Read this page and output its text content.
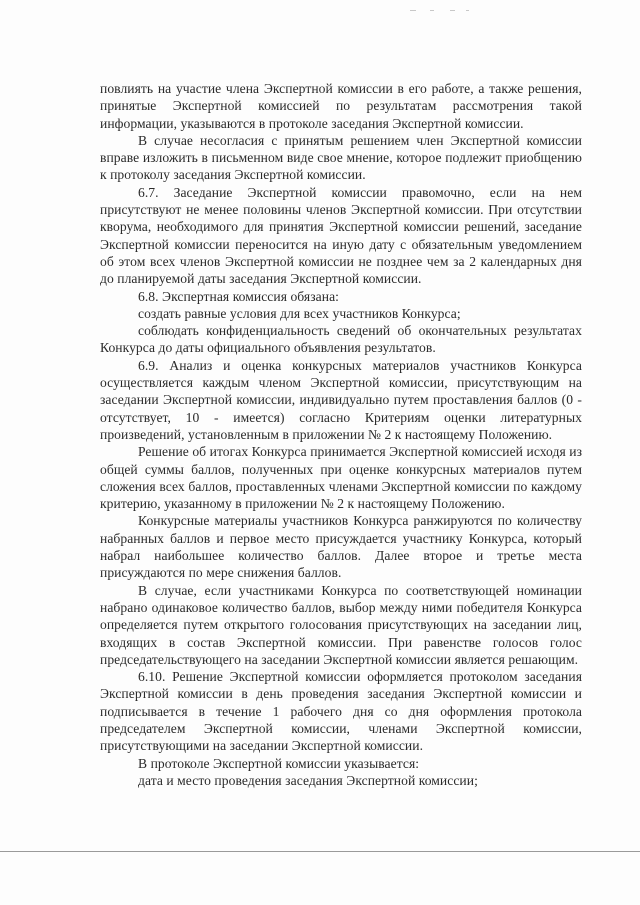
повлиять на участие члена Экспертной комиссии в его работе, а также решения, принятые Экспертной комиссией по результатам рассмотрения такой информации, указываются в протоколе заседания Экспертной комиссии.

В случае несогласия с принятым решением член Экспертной комиссии вправе изложить в письменном виде свое мнение, которое подлежит приобщению к протоколу заседания Экспертной комиссии.

6.7. Заседание Экспертной комиссии правомочно, если на нем присутствуют не менее половины членов Экспертной комиссии. При отсутствии кворума, необходимого для принятия Экспертной комиссии решений, заседание Экспертной комиссии переносится на иную дату с обязательным уведомлением об этом всех членов Экспертной комиссии не позднее чем за 2 календарных дня до планируемой даты заседания Экспертной комиссии.

6.8. Экспертная комиссия обязана:

создать равные условия для всех участников Конкурса;

соблюдать конфиденциальность сведений об окончательных результатах Конкурса до даты официального объявления результатов.

6.9. Анализ и оценка конкурсных материалов участников Конкурса осуществляется каждым членом Экспертной комиссии, присутствующим на заседании Экспертной комиссии, индивидуально путем проставления баллов (0 - отсутствует, 10 - имеется) согласно Критериям оценки литературных произведений, установленным в приложении № 2 к настоящему Положению.

Решение об итогах Конкурса принимается Экспертной комиссией исходя из общей суммы баллов, полученных при оценке конкурсных материалов путем сложения всех баллов, проставленных членами Экспертной комиссии по каждому критерию, указанному в приложении № 2 к настоящему Положению.

Конкурсные материалы участников Конкурса ранжируются по количеству набранных баллов и первое место присуждается участнику Конкурса, который набрал наибольшее количество баллов. Далее второе и третье места присуждаются по мере снижения баллов.

В случае, если участниками Конкурса по соответствующей номинации набрано одинаковое количество баллов, выбор между ними победителя Конкурса определяется путем открытого голосования присутствующих на заседании лиц, входящих в состав Экспертной комиссии. При равенстве голосов голос председательствующего на заседании Экспертной комиссии является решающим.

6.10. Решение Экспертной комиссии оформляется протоколом заседания Экспертной комиссии в день проведения заседания Экспертной комиссии и подписывается в течение 1 рабочего дня со дня оформления протокола председателем Экспертной комиссии, членами Экспертной комиссии, присутствующими на заседании Экспертной комиссии.

В протоколе Экспертной комиссии указывается:

дата и место проведения заседания Экспертной комиссии;
